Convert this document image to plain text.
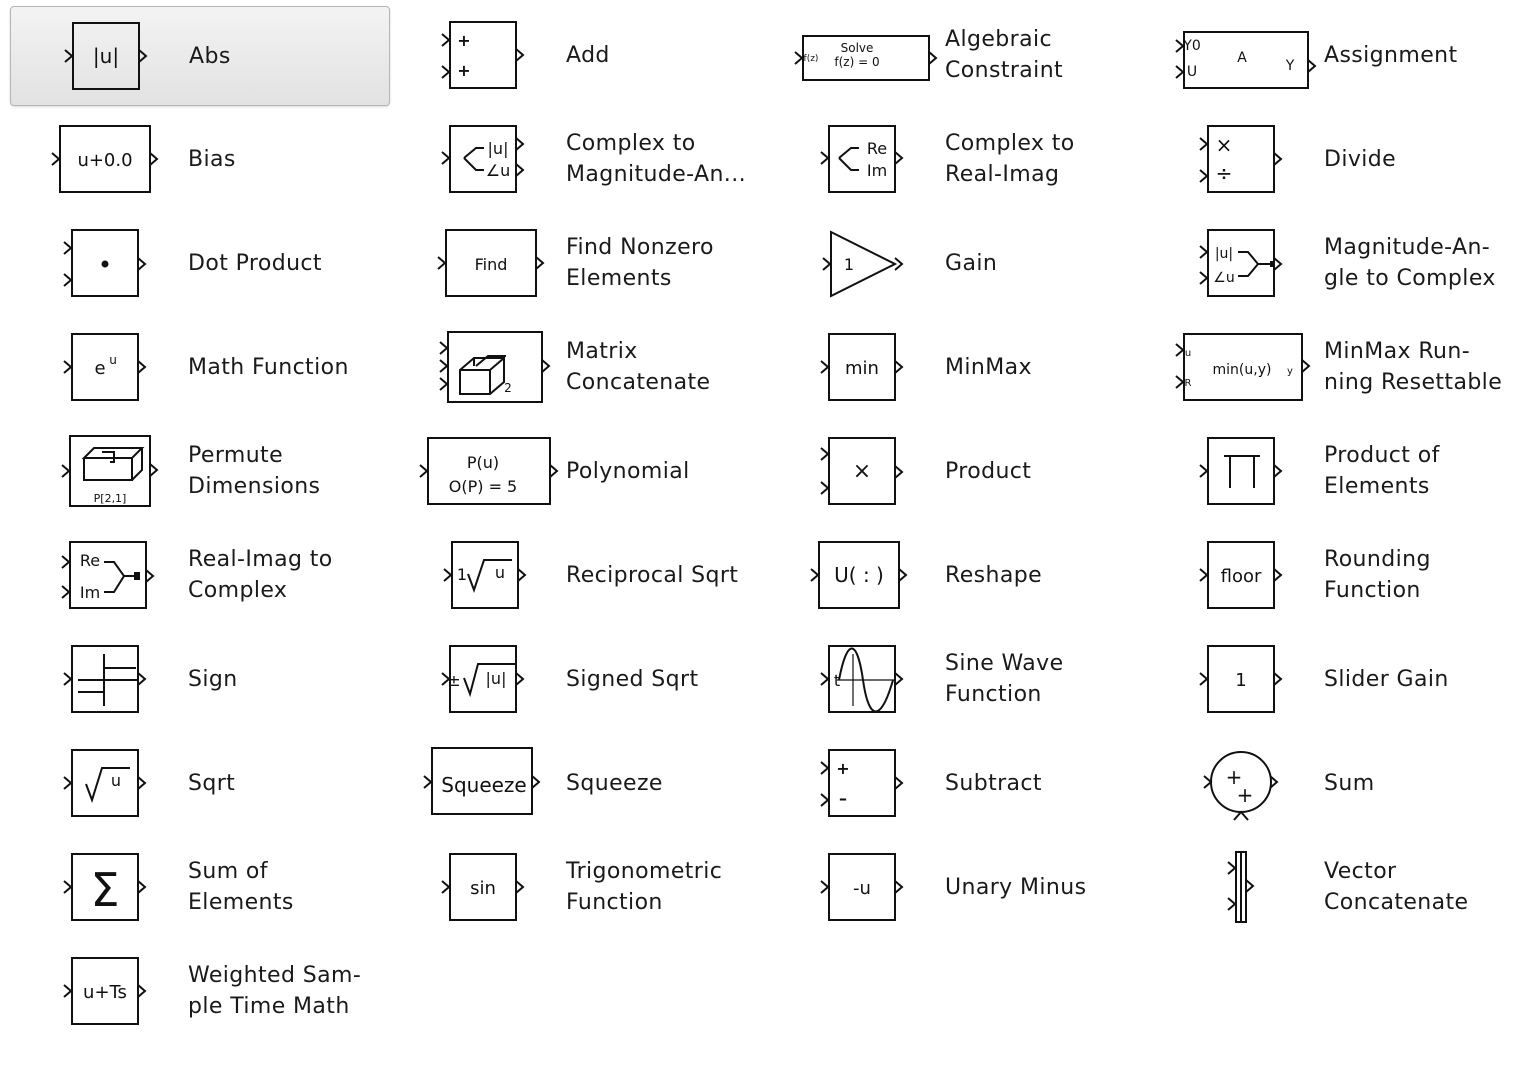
|u|	Abs
+
+
Add	Solve
f(z) = 0
f(z)
Algebraic
Constraint
Y0
U
A	Y Assignment
u+0.0	Bias	|u|
∠u
Complex to
Magnitude-An...
Re
Im
Complex to
Real-Imag
×
÷
Divide
Dot Product	Find
Find Nonzero
Elements
1	Gain	|u|
∠u
Magnitude-An-
gle to Complex
e u	Math Function
2
Matrix
Concatenate
min	MinMax	min(u,y)
u
R
y
MinMax Run-
ning Resettable
P[2,1]
Permute
Dimensions
P(u)
O(P) = 5
Polynomial	×	Product
Product of
Elements
Re
Im
Real-Imag to
Complex
1 u	Reciprocal Sqrt	U( : )	Reshape	floor
Rounding
Function
Sign	± |u|	Signed Sqrt	t
Sine Wave
Function
1	Slider Gain
u	Sqrt	Squeeze Squeeze
+
–
Subtract	+
+	Sum
Σ	Sum of
Elements
sin
Trigonometric
Function
-u	Unary Minus
Vector
Concatenate
u+Ts
Weighted Sam-
ple Time Math
